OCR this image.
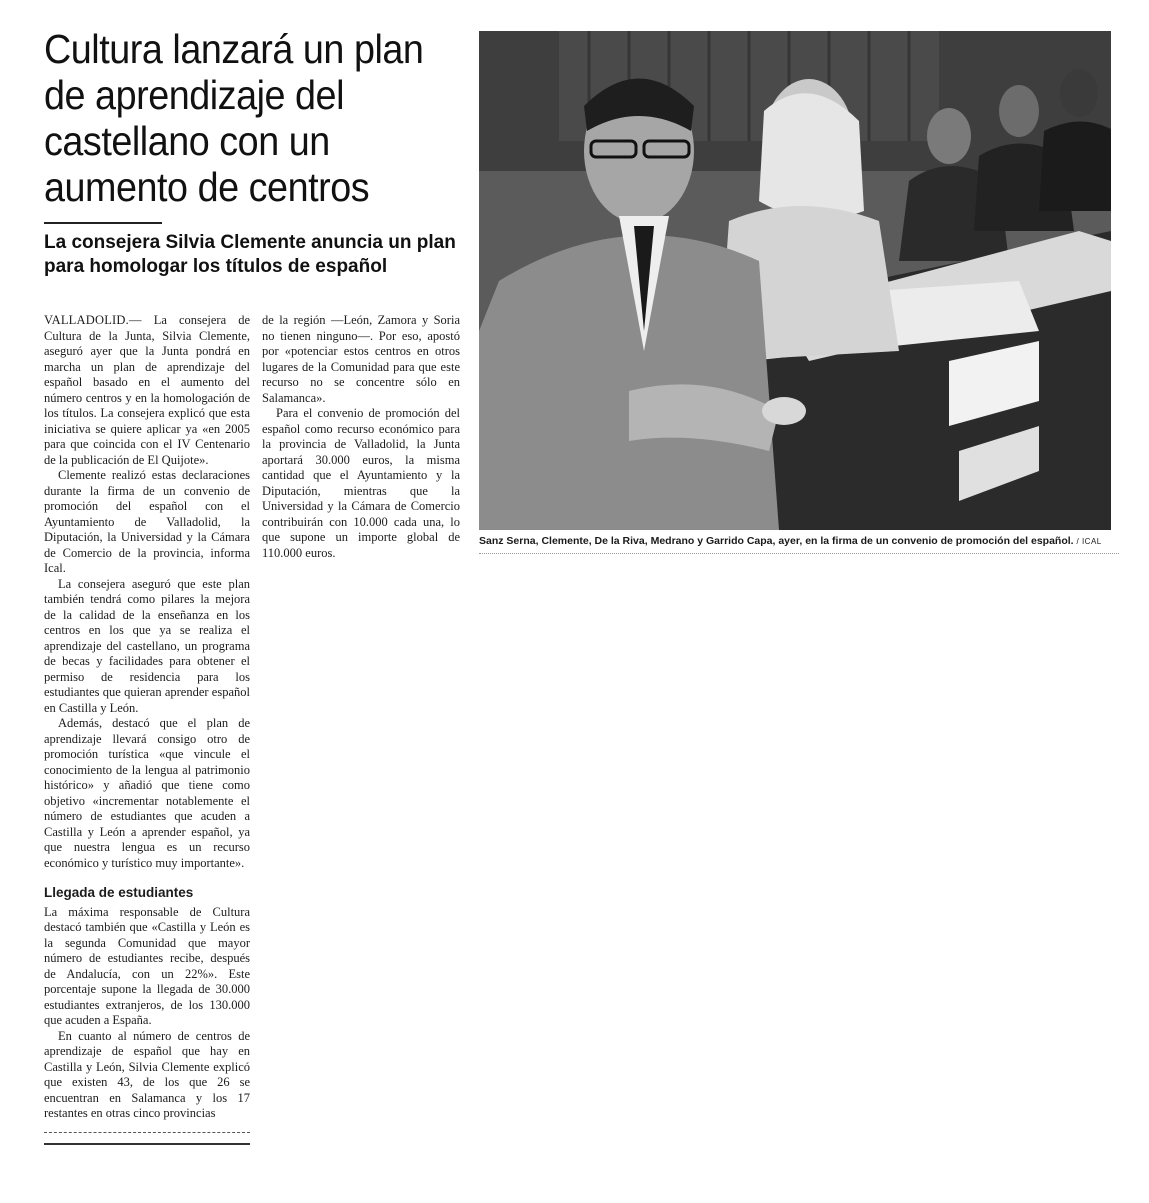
Cultura lanzará un plan de aprendizaje del castellano con un aumento de centros
La consejera Silvia Clemente anuncia un plan para homologar los títulos de español

VALLADOLID.— La consejera de Cultura de la Junta, Silvia Clemente, aseguró ayer que la Junta pondrá en marcha un plan de aprendizaje del español basado en el aumento del número centros y en la homologación de los títulos. La consejera explicó que esta iniciativa se quiere aplicar ya «en 2005 para que coincida con el IV Centenario de la publicación de El Quijote».

Clemente realizó estas declaraciones durante la firma de un convenio de promoción del español con el Ayuntamiento de Valladolid, la Diputación, la Universidad y la Cámara de Comercio de la provincia, informa Ical.

La consejera aseguró que este plan también tendrá como pilares la mejora de la calidad de la enseñanza en los centros en los que ya se realiza el aprendizaje del castellano, un programa de becas y facilidades para obtener el permiso de residencia para los estudiantes que quieran aprender español en Castilla y León.

Además, destacó que el plan de aprendizaje llevará consigo otro de promoción turística «que vincule el conocimiento de la lengua al patrimonio histórico» y añadió que tiene como objetivo «incrementar notablemente el número de estudiantes que acuden a Castilla y León a aprender español, ya que nuestra lengua es un recurso económico y turístico muy importante».

Llegada de estudiantes

La máxima responsable de Cultura destacó también que «Castilla y León es la segunda Comunidad que mayor número de estudiantes recibe, después de Andalucía, con un 22%». Este porcentaje supone la llegada de 30.000 estudiantes extranjeros, de los 130.000 que acuden a España.

En cuanto al número de centros de aprendizaje de español que hay en Castilla y León, Silvia Clemente explicó que existen 43, de los que 26 se encuentran en Salamanca y los 17 restantes en otras cinco provincias

de la región —León, Zamora y Soria no tienen ninguno—. Por eso, apostó por «potenciar estos centros en otros lugares de la Comunidad para que este recurso no se concentre sólo en Salamanca».

Para el convenio de promoción del español como recurso económico para la provincia de Valladolid, la Junta aportará 30.000 euros, la misma cantidad que el Ayuntamiento y la Diputación, mientras que la Universidad y la Cámara de Comercio contribuirán con 10.000 cada una, lo que supone un importe global de 110.000 euros.

Sanz Serna, Clemente, De la Riva, Medrano y Garrido Capa, ayer, en la firma de un convenio de promoción del español. / ICAL
